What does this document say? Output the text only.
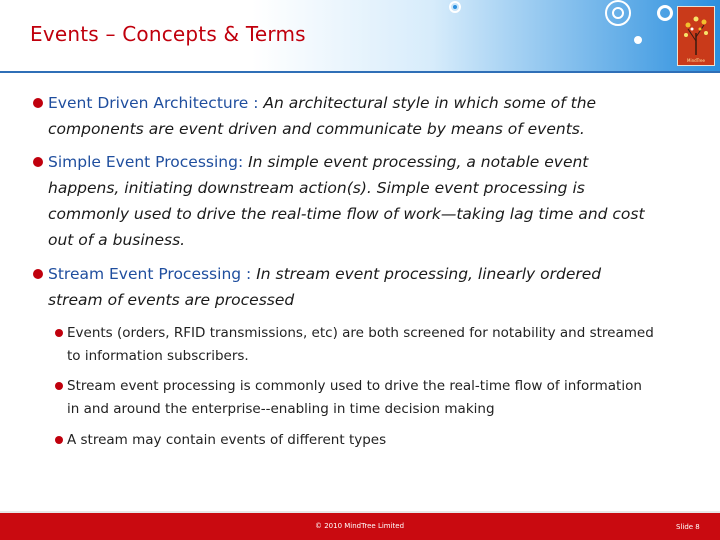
Events – Concepts & Terms
MindTree
Event Driven Architecture : An architectural style in which some of the components are event driven and communicate by means of events.
Simple Event Processing: In simple event processing, a notable event happens, initiating downstream action(s). Simple event processing is commonly used to drive the real-time flow of work—taking lag time and cost out of a business.
Stream Event Processing : In stream event processing, linearly ordered stream of events are processed
Events (orders, RFID transmissions, etc) are both screened for notability and streamed to information subscribers.
Stream event processing is commonly used to drive the real-time flow of information in and around the enterprise--enabling in time decision making
A stream may contain events of different types
© 2010 MindTree Limited	Slide 8
